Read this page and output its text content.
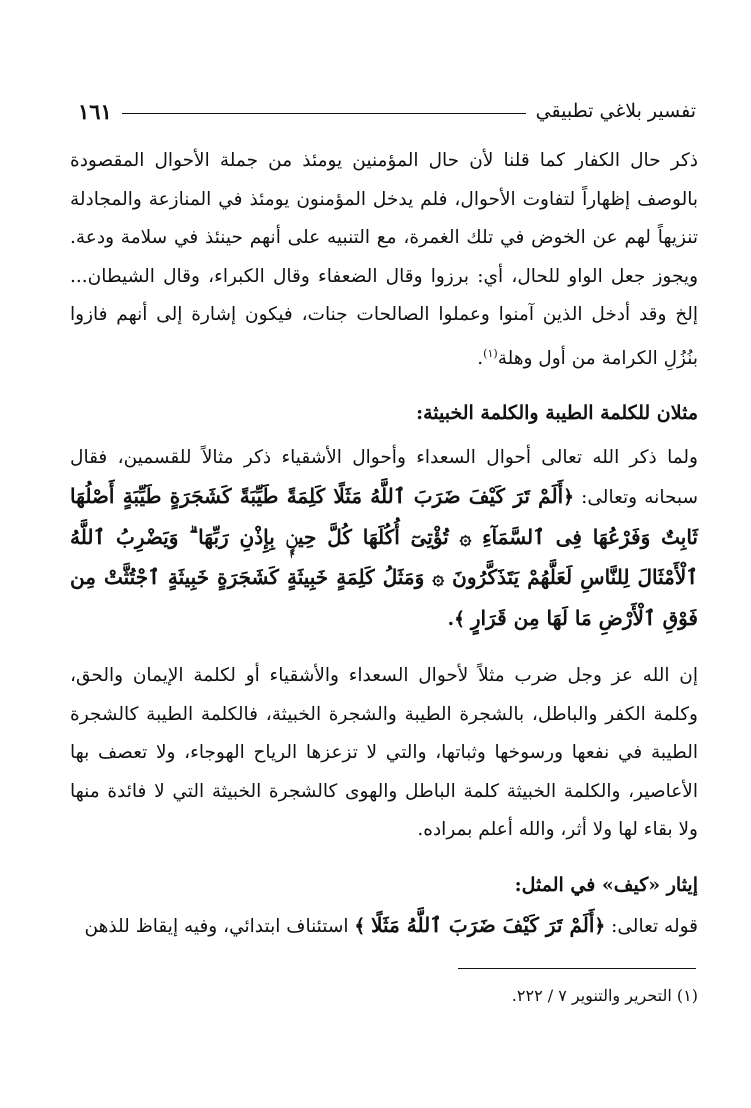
تفسير بلاغي تطبيقي
١٦١

ذكر حال الكفار كما قلنا لأن حال المؤمنين يومئذ من جملة الأحوال المقصودة بالوصف إظهاراً لتفاوت الأحوال، فلم يدخل المؤمنون يومئذ في المنازعة والمجادلة تنزيهاً لهم عن الخوض في تلك الغمرة، مع التنبيه على أنهم حينئذ في سلامة ودعة. ويجوز جعل الواو للحال، أي: برزوا وقال الضعفاء وقال الكبراء، وقال الشيطان... إلخ وقد أدخل الذين آمنوا وعملوا الصالحات جنات، فيكون إشارة إلى أنهم فازوا بنُزُلِ الكرامة من أول وهلة$^{(١)}$.

مثلان للكلمة الطيبة والكلمة الخبيثة:

ولما ذكر الله تعالى أحوال السعداء وأحوال الأشقياء ذكر مثالاً للقسمين، فقال سبحانه وتعالى: ﴿أَلَمْ تَرَ كَيْفَ ضَرَبَ ٱللَّهُ مَثَلًا كَلِمَةً طَيِّبَةً كَشَجَرَةٍ طَيِّبَةٍ أَصْلُهَا ثَابِتٌ وَفَرْعُهَا فِى ٱلسَّمَآءِ ۞ تُؤْتِىٓ أُكُلَهَا كُلَّ حِينٍۭ بِإِذْنِ رَبِّهَا ۗ وَيَضْرِبُ ٱللَّهُ ٱلْأَمْثَالَ لِلنَّاسِ لَعَلَّهُمْ يَتَذَكَّرُونَ ۞ وَمَثَلُ كَلِمَةٍ خَبِيثَةٍ كَشَجَرَةٍ خَبِيثَةٍ ٱجْتُثَّتْ مِن فَوْقِ ٱلْأَرْضِ مَا لَهَا مِن قَرَارٍ ﴾.

إن الله عز وجل ضرب مثلاً لأحوال السعداء والأشقياء أو لكلمة الإيمان والحق، وكلمة الكفر والباطل، بالشجرة الطيبة والشجرة الخبيثة، فالكلمة الطيبة كالشجرة الطيبة في نفعها ورسوخها وثباتها، والتي لا تزعزها الرياح الهوجاء، ولا تعصف بها الأعاصير، والكلمة الخبيثة كلمة الباطل والهوى كالشجرة الخبيثة التي لا فائدة منها ولا بقاء لها ولا أثر، والله أعلم بمراده.

إيثار «كيف» في المثل:

قوله تعالى: ﴿أَلَمْ تَرَ كَيْفَ ضَرَبَ ٱللَّهُ مَثَلًا ﴾ استئناف ابتدائي، وفيه إيقاظ للذهن

(١) التحرير والتنوير ٧ / ٢٢٢.
